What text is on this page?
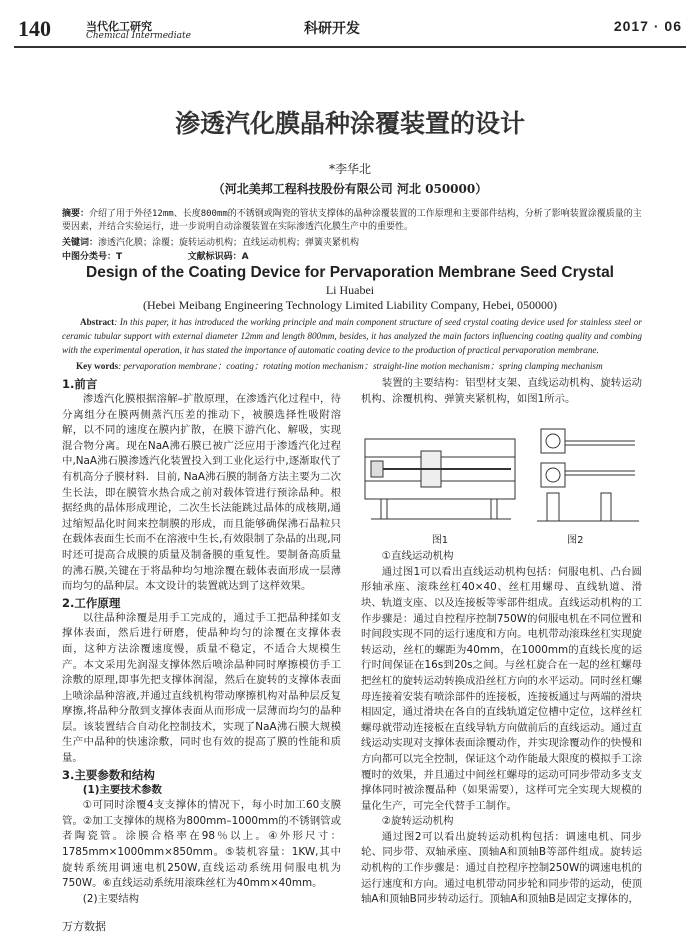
140	当代化工研究
Chemical Intermediate	科研开发	2017 · 06
渗透汽化膜晶种涂覆装置的设计
*李华北
（河北美邦工程科技股份有限公司 河北 050000）
摘要：介绍了用于外径12mm、长度800mm的不锈钢或陶瓷的管状支撑体的晶种涂覆装置的工作原理和主要部件结构，分析了影响装置涂覆质量的主要因素，并结合实验运行，进一步说明自动涂覆装置在实际渗透汽化膜生产中的重要性。
关键词：渗透汽化膜；涂覆；旋转运动机构；直线运动机构；弹簧夹紧机构
中图分类号：T	文献标识码：A
Design of the Coating Device for Pervaporation Membrane Seed Crystal
Li Huabei
(Hebei Meibang Engineering Technology Limited Liability Company, Hebei, 050000)
Abstract: In this paper, it has introduced the working principle and main component structure of seed crystal coating device used for stainless steel or ceramic tubular support with external diameter 12mm and length 800mm, besides, it has analyzed the main factors influencing coating quality and combing with the experimental operation, it has stated the importance of automatic coating device to the production of practical pervaporation membrane.
Key words: pervaporation membrane；coating；rotating motion mechanism；straight-line motion mechanism；spring clamping mechanism
1.前言

渗透汽化膜根据溶解–扩散原理，在渗透汽化过程中，待分离组分在膜两侧蒸汽压差的推动下，被膜选择性吸附溶解，以不同的速度在膜内扩散，在膜下游汽化、解吸，实现混合物分离。现在NaA沸石膜已被广泛应用于渗透汽化过程中,NaA沸石膜渗透汽化装置投入到工业化运行中,逐渐取代了有机高分子膜材料．目前, NaA沸石膜的制备方法主要为二次生长法，即在膜管水热合成之前对载体管进行预涂晶种。根据经典的晶体形成理论，二次生长法能跳过晶体的成核期,通过缩短晶化时间来控制膜的形成，而且能够确保沸石晶粒只在载体表面生长而不在溶液中生长,有效限制了杂晶的出现,同时还可提高合成膜的质量及制备膜的重复性。要制备高质量的沸石膜,关键在于将晶种均匀地涂覆在载体表面形成一层薄而均匀的晶种层。本文设计的装置就达到了这样效果。

2.工作原理

以往晶种涂覆是用手工完成的，通过手工把晶种揉如支撑体表面，然后进行研磨，使晶种均匀的涂覆在支撑体表面，这种方法涂覆速度慢，质量不稳定，不适合大规模生产。本文采用先润湿支撑体然后喷涂晶种同时摩擦模仿手工涂敷的原理,即事先把支撑体润湿，然后在旋转的支撑体表面上喷涂晶种溶液,并通过直线机构带动摩擦机构对晶种层反复摩擦,将晶种分散到支撑体表面从而形成一层薄而均匀的晶种层。该装置结合自动化控制技术，实现了NaA沸石膜大规模生产中晶种的快速涂敷，同时也有效的提高了膜的性能和质量。

3.主要参数和结构

(1)主要技术参数

①可同时涂覆4支支撑体的情况下，每小时加工60支膜管。②加工支撑体的规格为800mm–1000mm的不锈钢管或者陶瓷管。涂膜合格率在98％以上。④外形尺寸：1785mm×1000mm×850mm。⑤装机容量：1KW,其中旋转系统用调速电机250W,直线运动系统用伺服电机为750W。⑥直线运动系统用滚珠丝杠为40mm×40mm。

(2)主要结构

装置的主要结构：铝型材支架、直线运动机构、旋转运动机构、涂覆机构、弹簧夹紧机构，如图1所示。

图1	图2

①直线运动机构

通过图1可以看出直线运动机构包括：伺服电机、凸台圆形轴承座、滚珠丝杠40×40、丝杠用螺母、直线轨道、滑块、轨道支座、以及连接板等零部件组成。直线运动机构的工作步骤是：通过自控程序控制750W的伺服电机在不同位置和时间段实现不同的运行速度和方向。电机带动滚珠丝杠实现旋转运动，丝杠的螺距为40mm，在1000mm的直线长度的运行时间保证在16s到20s之间。与丝杠旋合在一起的丝杠螺母把丝杠的旋转运动转换成沿丝杠方向的水平运动。同时丝杠螺母连接着安装有喷涂部件的连接板，连接板通过与两端的滑块相固定，通过滑块在各自的直线轨道定位槽中定位，这样丝杠螺母就带动连接板在直线导轨方向做前后的直线运动。通过直线运动实现对支撑体表面涂覆动作，并实现涂覆动作的快慢和方向都可以完全控制，保证这个动作能最大限度的模拟手工涂覆时的效果，并且通过中间丝杠螺母的运动可同步带动多支支撑体同时被涂覆晶种（如果需要），这样可完全实现大规模的量化生产，可完全代替手工制作。

②旋转运动机构

通过图2可以看出旋转运动机构包括：调速电机、同步轮、同步带、双轴承座、顶轴A和顶轴B等部件组成。旋转运动机构的工作步骤是：通过自控程序控制250W的调速电机的运行速度和方向。通过电机带动同步轮和同步带的运动，使顶轴A和顶轴B同步转动运行。顶轴A和顶轴B是固定支撑体的，

万方数据
